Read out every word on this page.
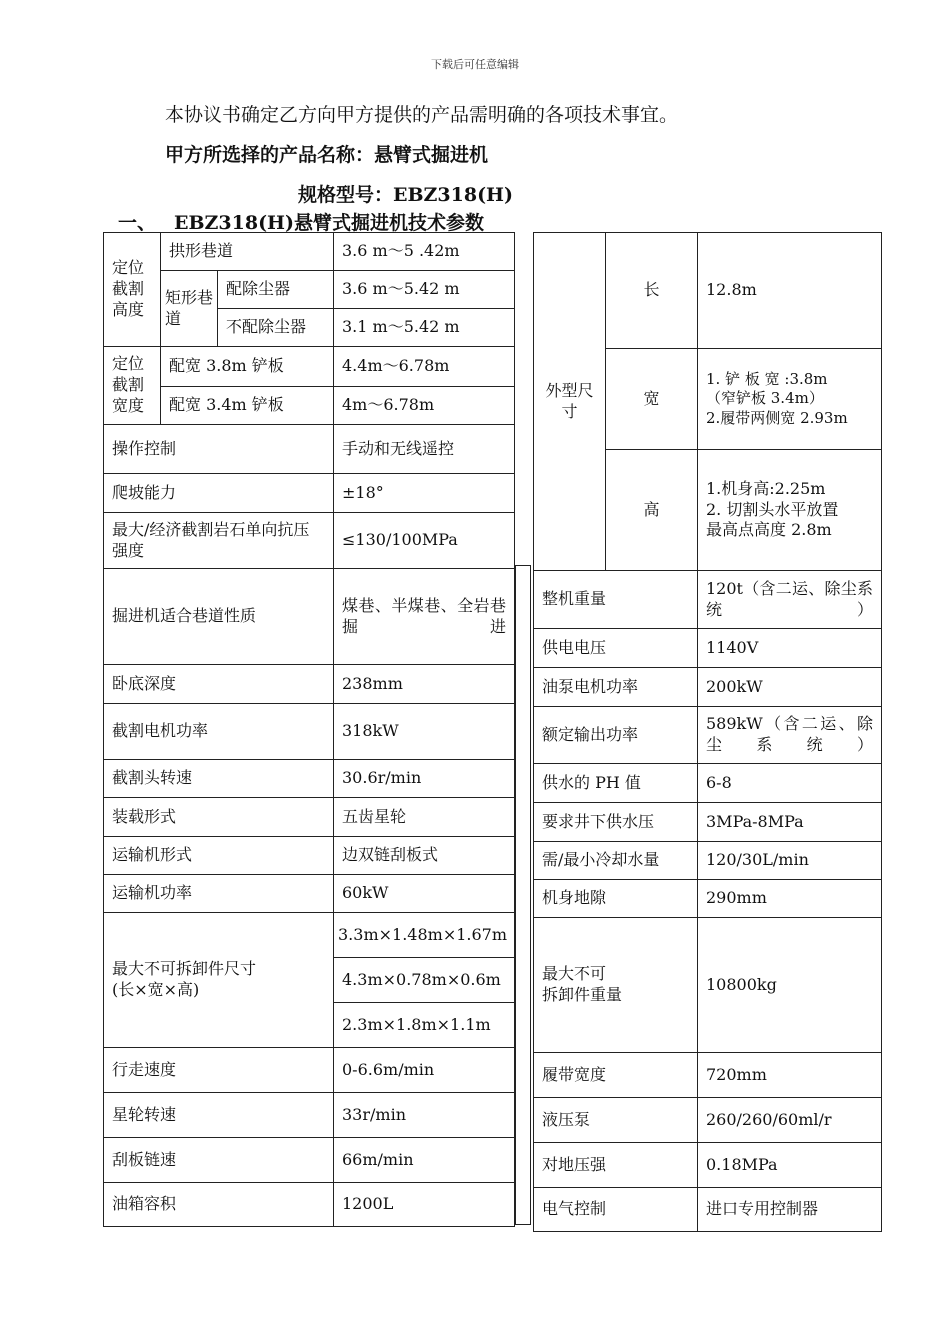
下载后可任意编辑
本协议书确定乙方向甲方提供的产品需明确的各项技术事宜。
甲方所选择的产品名称：悬臂式掘进机
规格型号：EBZ318(H)
一、 EBZ318(H)悬臂式掘进机技术参数
定位截割高度	拱形巷道		3.6 m～5 .42m
	矩形巷道	配除尘器	3.6 m～5.42 m
		不配除尘器	3.1 m～5.42 m
定位截割宽度	配宽 3.8m 铲板		4.4m～6.78m
	配宽 3.4m 铲板		4m～6.78m
操作控制			手动和无线遥控
爬坡能力			±18°
最大/经济截割岩石单向抗压强度			≤130/100MPa
掘进机适合巷道性质			煤巷、半煤巷、全岩巷掘进
卧底深度			238mm
截割电机功率			318kW
截割头转速			30.6r/min
装载形式			五齿星轮
运输机形式			边双链刮板式
运输机功率			60kW

最大不可拆卸件尺寸
(长×宽×高)			3.3m×1.48m×1.67m
			4.3m×0.78m×0.6m
			2.3m×1.8m×1.1m
行走速度			0-6.6m/min
星轮转速			33r/min
刮板链速			66m/min
油箱容积			1200L
外型尺寸	长	12.8m
	宽	1. 铲 板 宽 :3.8m
（窄铲板 3.4m）
2.履带两侧宽 2.93m

	高	1.机身高:2.25m
2. 切割头水平放置
最高点高度 2.8m

整机重量		120t（含二运、除尘系统）
供电电压		1140V
油泵电机功率		200kW
额定输出功率		589kW（含二运、除尘系统）
供水的 PH 值		6-8
要求井下供水压		3MPa-8MPa
需/最小冷却水量		120/30L/min
机身地隙		290mm

最大不可
拆卸件重量		10800kg
履带宽度		720mm
液压泵		260/260/60ml/r
对地压强		0.18MPa
电气控制		进口专用控制器
